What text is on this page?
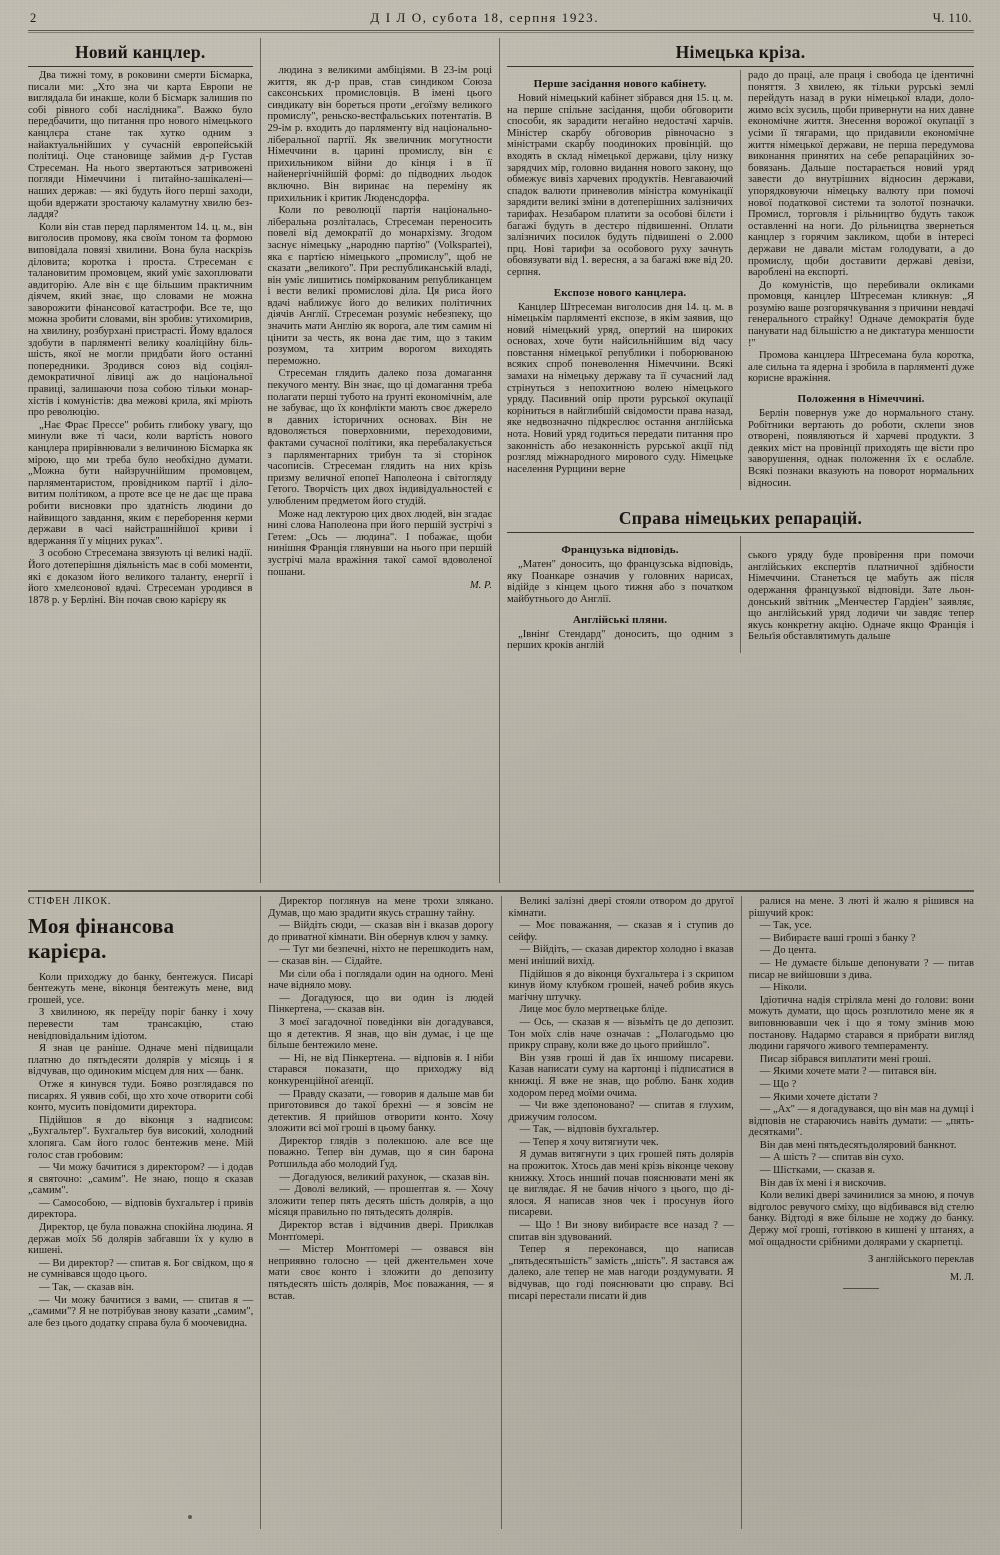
2	Д І Л О, субота 18, серпня 1923.	Ч. 110.
Новий канцлер.

Два тижні тому, в роковини смерти Бісмарка, писали ми: „Хто зна чи карта Европи не виглядала би инакше, коли б Бісмарк залишив по собі рівного собі наслідника". Важко було передбачити, що питання про нового німецького канцлєра стане так хутко одним з найактуальнійших у сучасній европейській політиці. Оце становище займив д-р Густав Стресеман. На нього звертаються затривожені погляди Німеччини і питайно-зашікалені—наших держав: — які будуть його перші заходи, щоби вдержати зростаючу каламутну хвилю безладдя?

Коли він став перед парляментом 14. ц. м., він виголосив промову, яка своїм тоном та формою виповідала повязі хвилини. Вона була наскрізь діловита; коротка і проста. Стресеман є талановитим промовцем, який уміє захоплювати авдиторію. Але він є ще більшим практичним діячем, який знає, що словами не можна заворожити фінансової катастрофи. Все те, що можна зробити словами, він зробив: утихомирив, на хвилину, розбурхані пристрасті. Йому вдалося здобути в парляменті велику коаліційну більшість, якої не могли придбати його останні попередники. Зродився союз від соціял-демократичної лівиці аж до національної правиці, залишаючи поза собою тільки монархістів і комуністів: два межові крила, які мріють про революцію.

„Нає Фрає Прессе" робить глибоку увагу, що минули вже ті часи, коли вартість нового канцлера прирівнювали з величиною Бісмарка як мірою, що ми треба було необхідно думати. „Можна бути найзручнійшим промовцем, парляментаристом, провідником партії і діловитим політиком, а проте все це не дає ще права робити висновки про здатність людини до найвищого завдання, яким є переборення керми держави в часі найстрашнійшої криви і вдержання її у міцних руках".

З особою Стресемана звязують ці великі надії. Його дотеперішня діяльність має в собі моменти, які є доказом його великого таланту, енергії і його хмелєонової вдачі. Стресеман уродився в 1878 р. у Берліні. Він почав свою карієру як

людина з великими амбіціями. В 23-ім році життя, як д-р прав, став синдиком Союза саксонських промисловців. В імені цього синдикату він бореться проти „егоїзму великого промислу", реньско-вестфальських потентатів. В 29-ім р. входить до парляменту від національно-ліберальної партії. Як звеличник могутности Німеччини в. царині промислу, він є прихильником війни до кінця і в її найенергічнійшій формі: до підводних льодок включно. Він виринає на переміну як прихильник і критик Люденсдорфа.

Коли по революції партія національно-ліберальна розліталась, Стресеман переносить повелі від демократії до монархізму. Згодом заснує німецьку „народню партію" (Volkspartei), яка є партією німецького „промислу", щоб не сказати „великого". При республиканській владі, він уміє лишитись поміркованим републиканцем і вести великі промислові діла. Ця риса його вдачі наближує його до великих політичних діячів Англії. Стресеман розуміє небезпеку, що значить мати Англію як ворога, але тим самим ні цінити за честь, як вона дає тим, що з таким розумом, та хитрим ворогом виходять переможно.

Стресеман глядить далеко поза домагання пекучого менту. Він знає, що ці домагання треба полагати перші тубото на ґрунті економічнім, але не забуває, що їх конфлікти мають своє джерело в давних історичних основах. Він не вдоволяється поверховними, переходовими, фактами сучасної політики, яка перебалакується з парляментарних трибун та зі сторінок часописів. Стресеман глядить на них крізь призму величної епопеї Наполеона і світогляду Гетого. Творчість цих двох індивідуальностей є улюбленим предметом його студій.

Може над лектурою цих двох людей, він згадає нині слова Наполеона при його першій зустрічі з Гетем: „Ось — людина". І побажає, щоби нинішня Франція глянувши на нього при першій зустрічі мала вражіння такої самої вдоволеної пошани.

М. Р.

Німецька кріза.
Перше засідання нового кабінету.

Новий німецький кабінет зібрався дня 15. ц. м. на перше спільне засідання, щоби обговорити способи, як зарадити негайно недостачі харчів. Міністер скарбу обговорив рівночасно з міністрами скарбу поодиноких провінцій. що входять в склад німецької держави, цілу низку зарядчих мір, головно видання нового закону, що обмежує вивіз харчевих продуктів. Невгаваючий спадок валюти приневолив міністра комунікації зарядити великі зміни в дотеперішних залізничих тарифах. Незабаром платити за особові білєти і багажі будуть в дестєро підвишенні. Оплати залізничих посилок будуть підвишені о 2.000 прц. Нові тарифи за особового руху зачнуть обовязувати від 1. вересня, а за багажі вже від 20. серпня.

Експозе нового канцлера.

Канцлер Штресеман виголосив дня 14. ц. м. в німецькім парляменті експозе, в якім заявив, що новий німецький уряд, опертий на широких основах, хоче бути найсильнійшим від часу повстання німецької републики і поборюваною всяких спроб поневолення Німеччини. Всякі замахи на німецьку державу та її сучасний лад стрінуться з непохитною волею німецького уряду. Пасивний опір проти рурської окупації коріниться в найглибшій свідомости права назад, яке недвозначно підкреслює остання англійська нота. Новий уряд годиться передати питання про законність або незаконність рурської акції під розгляд міжнародного мирового суду. Німецьке населення Рурщини верне

радо до праці, але праця і свобода це ідентичні поняття. З хвилею, як тільки рурські землі перейдуть назад в руки німецької влади, доложимо всіх зусиль, щоби привернути на них давне економічне життя. Знесення ворожої окупації з усіми її тягарами, що придавили економічне життя німецької держави, не перша передумова виконання принятих на себе репараційних зобовязань. Дальше постарається новий уряд завести до внутрішних відносин держави, упорядковуючи німецьку валюту при помочі нової податкової системи та золотої позначки. Промисл, торговля і рільництво будуть також оставленні на ноги. До рільництва звернеться канцлер з горячим закликом, щоби в інтересі держави не давали містам голодувати, а до промислу, щоби доставити державі девізи, вароблені на експорті.

До комуністів, що перебивали окликами промовця, канцлер Штресеман кликнув: „Я розумію ваше розгорячкування з причини невдачі генерального страйку! Одначе демократія буде панувати над більшістю а не диктатура меншости !"

Промова канцлера Штресемана була коротка, але сильна та ядерна і зробила в парляменті дуже корисне вражіння.

Положення в Німеччині.

Берлін повернув уже до нормального стану. Робітники вертають до роботи, склепи знов отворені, появляються й харчеві продукти. З деяких міст на провінції приходять ще вісти про заворушення, однак положення їх є ослабле. Всякі познаки вказують на поворот нормальних відносин.

Справа німецьких репарацій.
Французька відповідь.

„Матен" доносить, що французська відповідь, яку Поанкаре означив у головних нарисах, відійде з кінцем цього тижня або з початком майбутнього до Англії.

Англійські пляни.

„Івнінґ Стендард" доносить, що одним з перших кроків англій

ського уряду буде провірення при помочи англійських експертів платничної здібности Німеччини. Станеться це мабуть аж після одержання французької відповіди. Зате льондонський звітник „Менчестер Гардіен" заявляє, що англійський уряд лодичи чи завдяє тепер якусь конкретну акцію. Одначе якщо Франція і Бельґія обставлятимуть дальше

СТІФЕН ЛІКОК.

Моя фінансова карієра.

Коли приходжу до банку, бентежуся. Писарі бентежуть мене, віконця бентежуть мене, вид грошей, усе.

З хвилиною, як переїду поріг банку і хочу перевести там трансакцію, стаю невідповідальним ідіотом.

Я знав це раніше. Одначе мені підвищали платню до пятьдесяти долярів у місяць і я відчував, що одиноким місцем для них — банк.

Отже я кинувся туди. Бояво розглядався по писарях. Я уявив собі, що хто хоче отворити собі конто, мусить повідомити директора.

Підійшов я до віконця з надписом: „Бухгальтер". Бухгальтер був високий, холодний хлопяга. Сам його голос бентежив мене. Мій голос став гробовим:

— Чи можу бачитися з директором? — і додав я святочно: „самим". Не знаю, пощо я сказав „самим".

— Самособою, — відповів бухгальтер і привів директора.

Директор, це була поважна спокійна людина. Я держав моїх 56 долярів забгавши їх у кулю в кишені.

— Ви директор? — спитав я. Бог свідком, що я не сумнівався щодо цього.

— Так, — сказав він.

— Чи можу бачитися з вами, — спитав я — „самими"? Я не потрібував знову казати „самим", але без цього додатку справа була б моочевидна.

Директор поглянув на мене трохи зляканo. Думав, що маю зрадити якусь страшну тайну.

— Війдіть сюди, — сказав він і вказав дорогу до приватної кімнати. Він обернув ключ у замку.

— Тут ми безпечні, ніхто не перешкодить нам, — сказав він. — Сідайте.

Ми сіли оба і поглядали один на одного. Мені наче відняло мову.

— Догадуюся, що ви один із людей Пінкертена, — сказав він.

З моєї загадочної поведінки він догадувався, що я детектив. Я знав, що він думає, і це ще більше бентежило мене.

— Ні, не від Пінкертена. — відповів я. І ніби старався показати, що приходжу від конкуренційної аґенції.

— Правду сказати, — говорив я дальше мав би приготовився до такої брехні — я зовсім не детектив. Я прийшов отворити конто. Хочу зложити всі мої гроші в цьому банку.

Директор глядів з полекшою. але все ще поважно. Тепер він думав, що я син барона Ротшильда або молодий Ґуд.

— Догадуюся, великий рахунок, — сказав він.

— Доволі великий, — прошептав я. — Хочу зложити тепер пять десять шість долярів, а що місяця правильно по пятьдесять долярів.

Директор встав і відчинив двері. Приклкав Монтґомері.

— Містер Монтґомері — озвався він неприявно голосно — цей джентельмен хоче мати своє конто і зложити до депозиту пятьдесять шість долярів, Моє поважання, — я встав.

Великі залізні двері стояли отвором до другої кімнати.

— Моє поважання, — сказав я і ступив до сейфу.

— Війдіть, — сказав директор холодно і вказав мені иніший вихід.

Підійшов я до віконця бухгальтера і з скрипом кинув йому клубком грошей, начеб робив якусь магічну штучку.

Лице моє було мертвецьке бліде.

— Ось, — сказав я — візьміть це до депозит. Тон моїх слів наче означав : „Полагодьмо цю прикру справу, коли вже до цього прийшло".

Він узяв гроші й дав їх иншому писареви. Казав написати суму на картонці і підписатися в книжці. Я вже не знав, що роблю. Банк ходив ходором перед моїми очима.

— Чи вже здепоновано? — спитав я глухим, дрижучим голосом.

— Так, — відповів бухгальтер.

— Тепер я хочу витягнути чек.

Я думав витягнути з цих грошей пять долярів на прожиток. Хтось дав мені крізь віконце чекову книжку. Хтось инший почав пояснювати мені як це виглядає. Я не бачив нічого з цього, що діялося. Я написав знов чек і просунув його писареви.

— Що ! Ви знову вибираєте все назад ? — спитав він здувований.

Тепер я переконався, що написав „пятьдесятьшість" замість „шість". Я застався аж далеко, але тепер не мав нагоди роздумувати. Я відчував, що годі пояснювати цю справу. Всі писарі перестали писати й див

ралися на мене. З люті й жалю я рішився на рішучий крок:

— Так, усе.

— Вибираєте ваші гроші з банку ?

— До цента.

— Не думаєте більше депонувати ? — питав писар не вийшовши з дива.

— Ніколи.

Ідіотична надія стріляла мені до голови: вони можуть думати, що щось розплотило мене як я виповнювавши чек і що я тому змінив мою постанову. Надармо старався я прибрати вигляд людини гарячого живого темпераменту.

Писар зібрався виплатити мені гроші.

— Якими хочете мати ? — питався він.

— Що ?

— Якими хочете дістати ?

— „Ах" — я догадувався, що він мав на думці і відповів не стараючись навіть думати: — „пятьдесятками".

Він дав мені пятьдесятьдоляровий банкнот.

— А шість ? — спитав він сухо.

— Шістками, — сказав я.

Він дав їх мені і я вискочив.

Коли великі двері зачинилися за мною, я почув відголос ревучого сміху, що відбивався від стелю банку. Відтоді я вже більше не ходжу до банку. Держу мої гроші, готівкою в кишені у штанях, а мої ощадности срібними долярами у скарпетці.

З англійського переклав

М. Л.
